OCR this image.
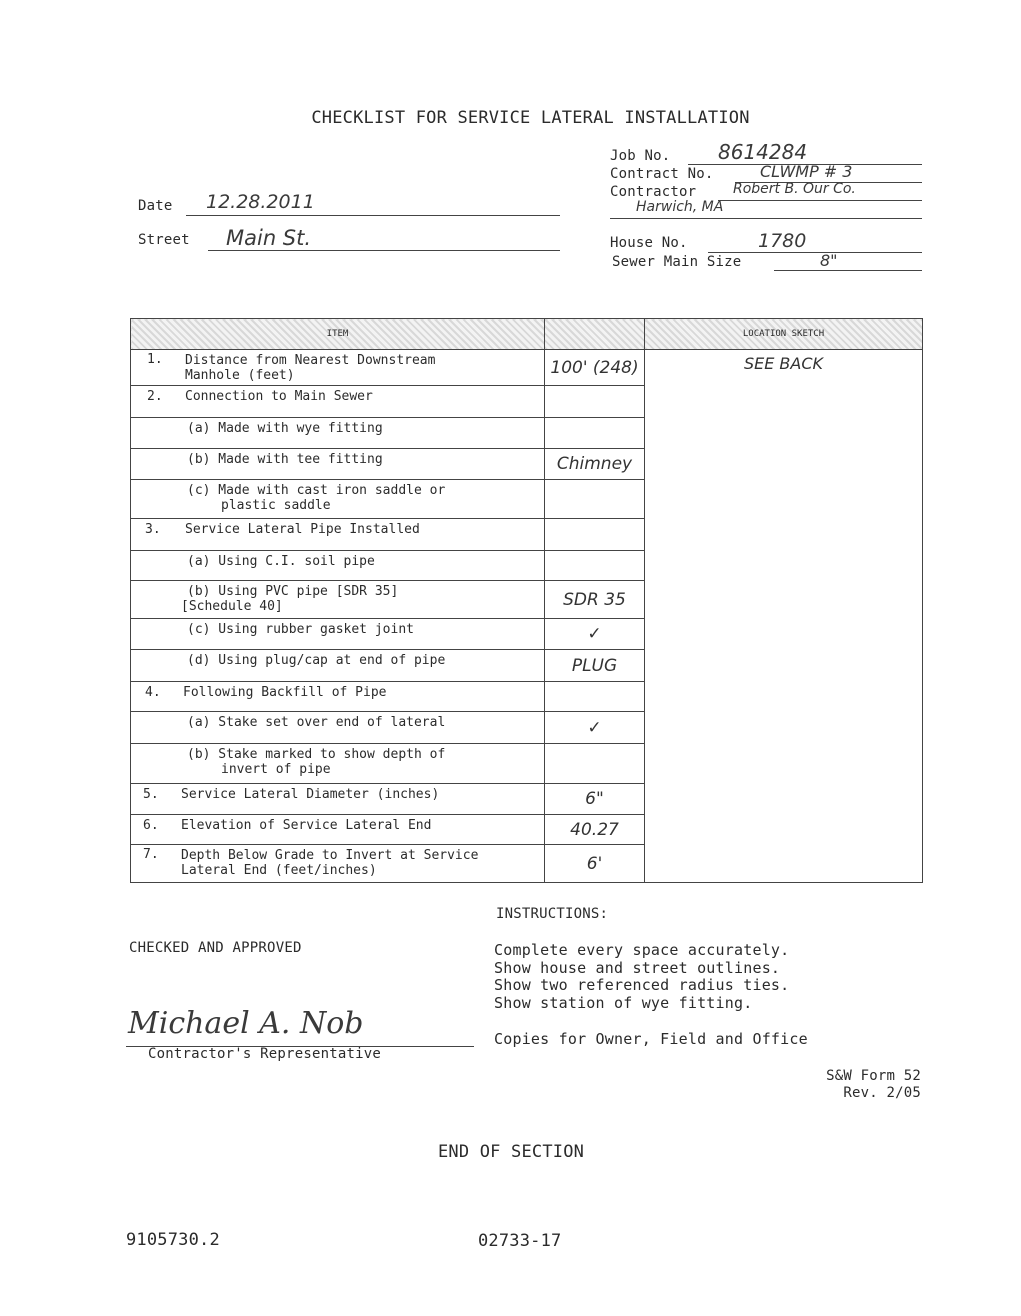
CHECKLIST FOR SERVICE LATERAL INSTALLATION
Job No. 8614284
Contract No.	CLWMP # 3
Contractor	Robert B. Our Co.
Harwich, MA
House No.	1780
Sewer Main Size	8"
Date 12.28.2011
Street Main St.
ITEM		LOCATION SKETCH

1. Distance from Nearest Downstream
Manhole (feet)	100' (248)	SEE BACK

2. Connection to Main Sewer		

(a) Made with wye fitting		

(b) Made with tee fitting	Chimney	

(c) Made with cast iron saddle or
plastic saddle		

3. Service Lateral Pipe Installed		

(a) Using C.I. soil pipe		

(b) Using PVC pipe [SDR 35]
[Schedule 40]	SDR 35	

(c) Using rubber gasket joint	✓	

(d) Using plug/cap at end of pipe	PLUG	

4. Following Backfill of Pipe		

(a) Stake set over end of lateral	✓	

(b) Stake marked to show depth of
invert of pipe		

5. Service Lateral Diameter (inches)	6"	

6. Elevation of Service Lateral End	40.27	

7. Depth Below Grade to Invert at Service
Lateral End (feet/inches)	6'	
INSTRUCTIONS:
Complete every space accurately.
Show house and street outlines.
Show two referenced radius ties.
Show station of wye fitting.
Copies for Owner, Field and Office
CHECKED AND APPROVED
Michael A. Nob
Contractor's Representative
S&W Form 52
Rev. 2/05
END OF SECTION
9105730.2	02733-17
